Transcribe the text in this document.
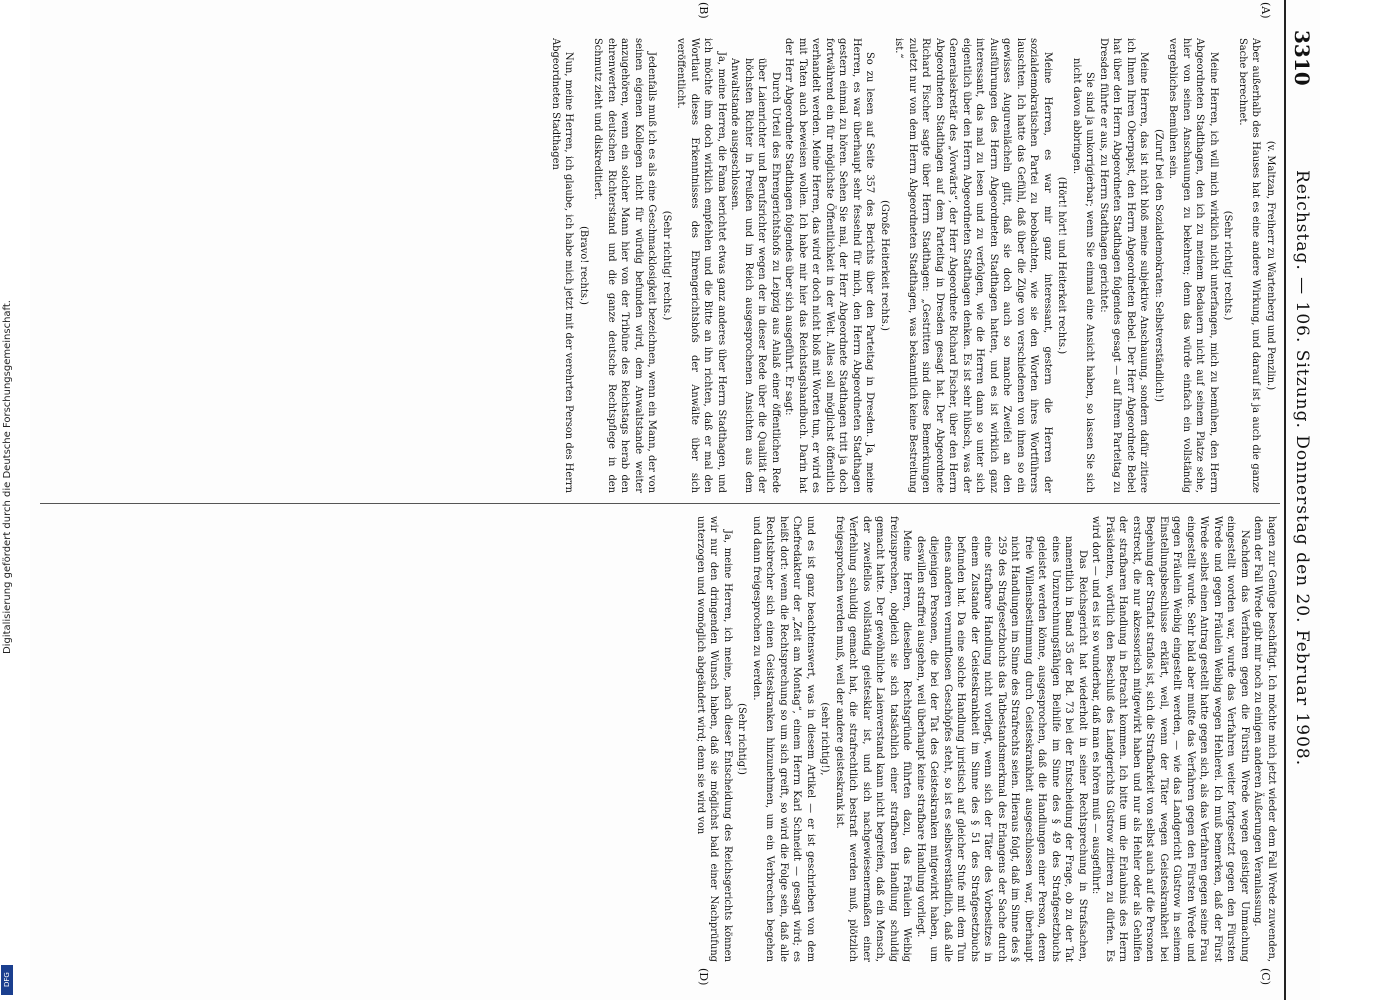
3310
Reichstag. — 106. Sitzung. Donnerstag den 20. Februar 1908.
(A)
(B)
(C)
(D)

(v. Maltzan, Freiherr zu Wartenberg und Penzlin.)

Aber außerhalb des Hauses hat es eine andere Wirkung, und darauf ist ja auch die ganze Sache berechnet.

(Sehr richtig! rechts.)

Meine Herren, ich will mich wirklich nicht unterfangen, mich zu bemühen, den Herrn Abgeordneten Stadthagen, den ich zu meinem Bedauern nicht auf seinem Platze sehe, hier von seinen Anschauungen zu bekehren; denn das würde einfach ein vollständig vergebliches Bemühen sein.

(Zuruf bei den Sozialdemokraten: Selbstverständlich!)

Meine Herren, das ist nicht bloß meine subjektive Anschauung, sondern dafür zitiere ich Ihnen Ihren Oberpapst, den Herrn Abgeordneten Bebel. Der Herr Abgeordnete Bebel hat über den Herrn Abgeordneten Stadthagen folgendes gesagt — auf Ihrem Parteitag zu Dresden führte er aus, zu Herrn Stadthagen gerichtet:

Sie sind ja unkorrigierbar; wenn Sie einmal eine Ansicht haben, so lassen Sie sich nicht davon abbringen.

(Hört! hört! und Heiterkeit rechts.)

Meine Herren, es war mir ganz interessant, gestern die Herren der sozialdemokratischen Partei zu beobachten, wie sie den Worten ihres Wortführers lauschten. Ich hatte das Gefühl, daß über die Züge von verschiedenen von ihnen so ein gewisses Augurenlächeln glitt, daß sie doch auch so manche Zweifel an den Ausführungen des Herrn Abgeordneten Stadthagen hatten, und es ist wirklich ganz interessant, das mal zu lesen und zu verfolgen, wie die Herren dann so unter sich eigentlich über den Herrn Abgeordneten Stadthagen denken. Es ist sehr hübsch, was der Generalsekretär des „Vorwärts“, der Herr Abgeordnete Richard Fischer, über den Herrn Abgeordneten Stadthagen auf dem Parteitag in Dresden gesagt hat. Der Abgeordnete Richard Fischer sagte über Herrn Stadthagen: „Gestritten sind diese Bemerkungen zuletzt nur von dem Herrn Abgeordneten Stadthagen, was bekanntlich keine Bestreitung ist.“

(Große Heiterkeit rechts.)

So zu lesen auf Seite 357 des Berichts über den Parteitag in Dresden. Ja, meine Herren, es war überhaupt sehr fesselnd für mich, den Herrn Abgeordneten Stadthagen gestern einmal zu hören. Sehen Sie mal, der Herr Abgeordnete Stadthagen tritt ja doch fortwährend ein für möglichste Öffentlichkeit in der Welt. Alles soll möglichst öffentlich verhandelt werden. Meine Herren, das wird er doch nicht bloß mit Worten tun, er wird es mit Taten auch beweisen wollen. Ich habe mir hier das Reichstagshandbuch. Darin hat der Herr Abgeordnete Stadthagen folgendes über sich ausgeführt. Er sagt:

Durch Urteil des Ehrengerichtshofs zu Leipzig aus Anlaß einer öffentlichen Rede über Laienrichter und Berufsrichter wegen der in dieser Rede über die Qualität der höchsten Richter in Preußen und im Reich ausgesprochenen Ansichten aus dem Anwaltstande ausgeschlossen.

Ja, meine Herren, die Fama berichtet etwas ganz anderes über Herrn Stadthagen, und ich möchte ihm doch wirklich empfehlen und die Bitte an ihn richten, daß er mal den Wortlaut dieses Erkenntnisses des Ehrengerichtshofs der Anwälte über sich veröffentlicht.

(Sehr richtig! rechts.)

Jedenfalls muß ich es als eine Geschmacklosigkeit bezeichnen, wenn ein Mann, der von seinen eigenen Kollegen nicht für würdig befunden wird, dem Anwaltstande weiter anzugehören, wenn ein solcher Mann hier von der Tribüne des Reichstags herab den ehrenwerten deutschen Richterstand und die ganze deutsche Rechtspflege in den Schmutz zieht und diskreditiert.

(Bravo! rechts.)

Nun, meine Herren, ich glaube, ich habe mich jetzt mit der verehrten Person des Herrn Abgeordneten Stadthagen

hagen zur Genüge beschäftigt. Ich möchte mich jetzt wieder dem Fall Wrede zuwenden, denn der Fall Wrede gibt mir noch zu einigen anderen Äußerungen Veranlassung.

Nachdem das Verfahren gegen die Fürstin Wrede wegen geistiger Unmachung eingestellt worden war, wurde das Verfahren weiter fortgesetzt gegen den Fürsten Wrede und gegen Fräulein Weibig wegen Hehlerei. Ich muß bemerken, daß der Fürst Wrede selbst einen Antrag gestellt hatte gegen sich, als das Verfahren gegen seine Frau eingestellt wurde. Sehr bald aber mußte das Verfahren gegen den Fürsten Wrede und gegen Fräulein Weibig eingestellt werden, — wie das Landgericht Güstrow in seinem Einstellungsbeschlusse erklärt, weil, wenn der Täter wegen Geisteskrankheit bei Begehung der Straftat straflos ist, sich die Strafbarkeit von selbst auch auf die Personen erstreckt, die nur akzessorisch mitgewirkt haben und nur als Hehler oder als Gehilfen der strafbaren Handlung in Betracht kommen. Ich bitte um die Erlaubnis des Herrn Präsidenten, wörtlich den Beschluß des Landgerichts Güstrow zitieren zu dürfen. Es wird dort — und es ist so wunderbar, daß man es hören muß — ausgeführt:

Das Reichsgericht hat wiederholt in seiner Rechtsprechung in Strafsachen, namentlich in Band 35 der Bd. 73 bei der Entscheidung der Frage, ob zu der Tat eines Unzurechnungsfähigen Beihilfe im Sinne des § 49 des Strafgesetzbuchs geleistet werden könne, ausgesprochen, daß die Handlungen einer Person, deren freie Willensbestimmung durch Geisteskrankheit ausgeschlossen war, überhaupt nicht Handlungen im Sinne des Strafrechts seien. Hieraus folgt, daß im Sinne des § 259 des Strafgesetzbuchs das Tatbestandsmerkmal des Erlangens der Sache durch eine strafbare Handlung nicht vorliegt, wenn sich der Täter des Vorbesitzes in einem Zustande der Geisteskrankheit im Sinne des § 51 des Strafgesetzbuchs befunden hat. Da eine solche Handlung juristisch auf gleicher Stufe mit dem Tun eines anderen vernunftlosen Geschöpfes steht, so ist es selbstverständlich, daß alle diejenigen Personen, die bei der Tat des Geisteskranken mitgewirkt haben, um deswillen straffrei ausgehen, weil überhaupt keine strafbare Handlung vorliegt.

Meine Herren, dieselben Rechtsgründe führten dazu, das Fräulein Weibig freizusprechen, obgleich sie sich tatsächlich einer strafbaren Handlung schuldig gemacht hatte. Der gewöhnliche Laienverstand kann nicht begreifen, daß ein Mensch, der zweifellos vollständig geistesklar ist, und sich nachgewiesenermaßen einer Verfehlung schuldig gemacht hat, die strafrechtlich bestraft werden muß, plötzlich freigesprochen werden muß, weil der andere geisteskrank ist.

(sehr richtig!),

und es ist ganz beachtenswert, was in diesem Artikel — er ist geschrieben von dem Chefredakteur der „Zeit am Montag“, einem Herrn Karl Schneidt — gesagt wird; es heißt dort: wenn die Rechtsprechung so um sich greift, so wird die Folge sein, daß alle Rechtsbrecher sich einen Geisteskranken hinzunehmen, um ein Verbrechen begehen und dann freigesprochen zu werden.

(Sehr richtig!)

Ja, meine Herren, ich meine, nach dieser Entscheidung des Reichsgerichts können wir nur den dringenden Wunsch haben, daß sie möglichst bald einer Nachprüfung unterzogen und womöglich abgeändert wird; denn sie wird von

Digitalisierung gefördert durch die Deutsche Forschungsgemeinschaft.
DFG
